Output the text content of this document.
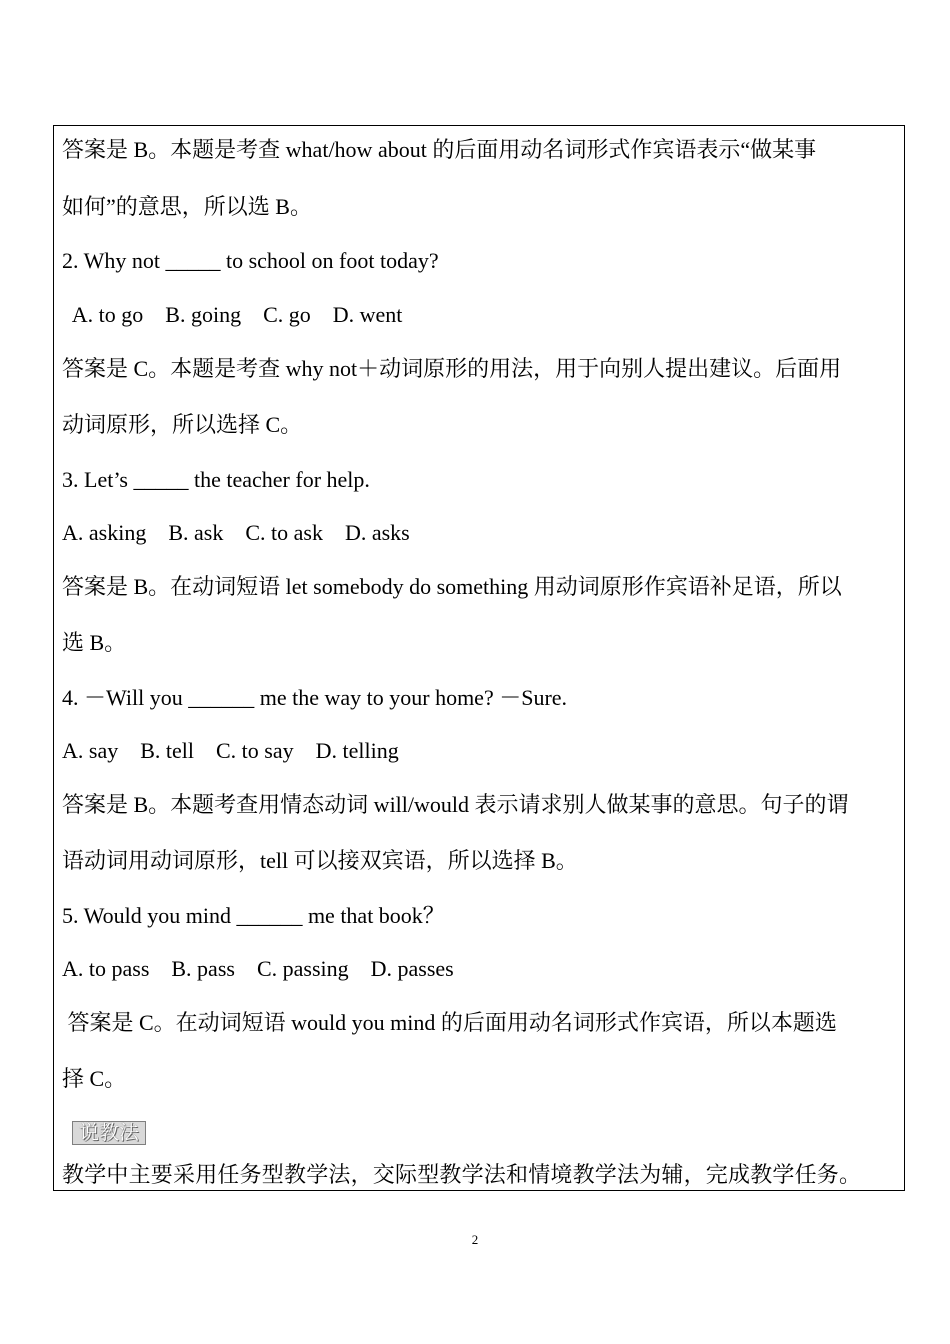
答案是 B。本题是考查 what/how about 的后面用动名词形式作宾语表示“做某事
如何”的意思，所以选 B。
2. Why not _____ to school on foot today?
A. to go    B. going    C. go    D. went
答案是 C。本题是考查 why not＋动词原形的用法，用于向别人提出建议。后面用
动词原形，所以选择 C。
3. Let’s _____ the teacher for help.
A. asking    B. ask    C. to ask    D. asks
答案是 B。在动词短语 let somebody do something 用动词原形作宾语补足语，所以
选 B。
4. －Will you ______ me the way to your home? －Sure.
A. say    B. tell    C. to say    D. telling
答案是 B。本题考查用情态动词 will/would 表示请求别人做某事的意思。句子的谓
语动词用动词原形，tell 可以接双宾语，所以选择 B。
5. Would you mind ______ me that book？
A. to pass    B. pass    C. passing    D. passes
答案是 C。在动词短语 would you mind 的后面用动名词形式作宾语，所以本题选
择 C。
说教法
教学中主要采用任务型教学法，交际型教学法和情境教学法为辅，完成教学任务。
2
